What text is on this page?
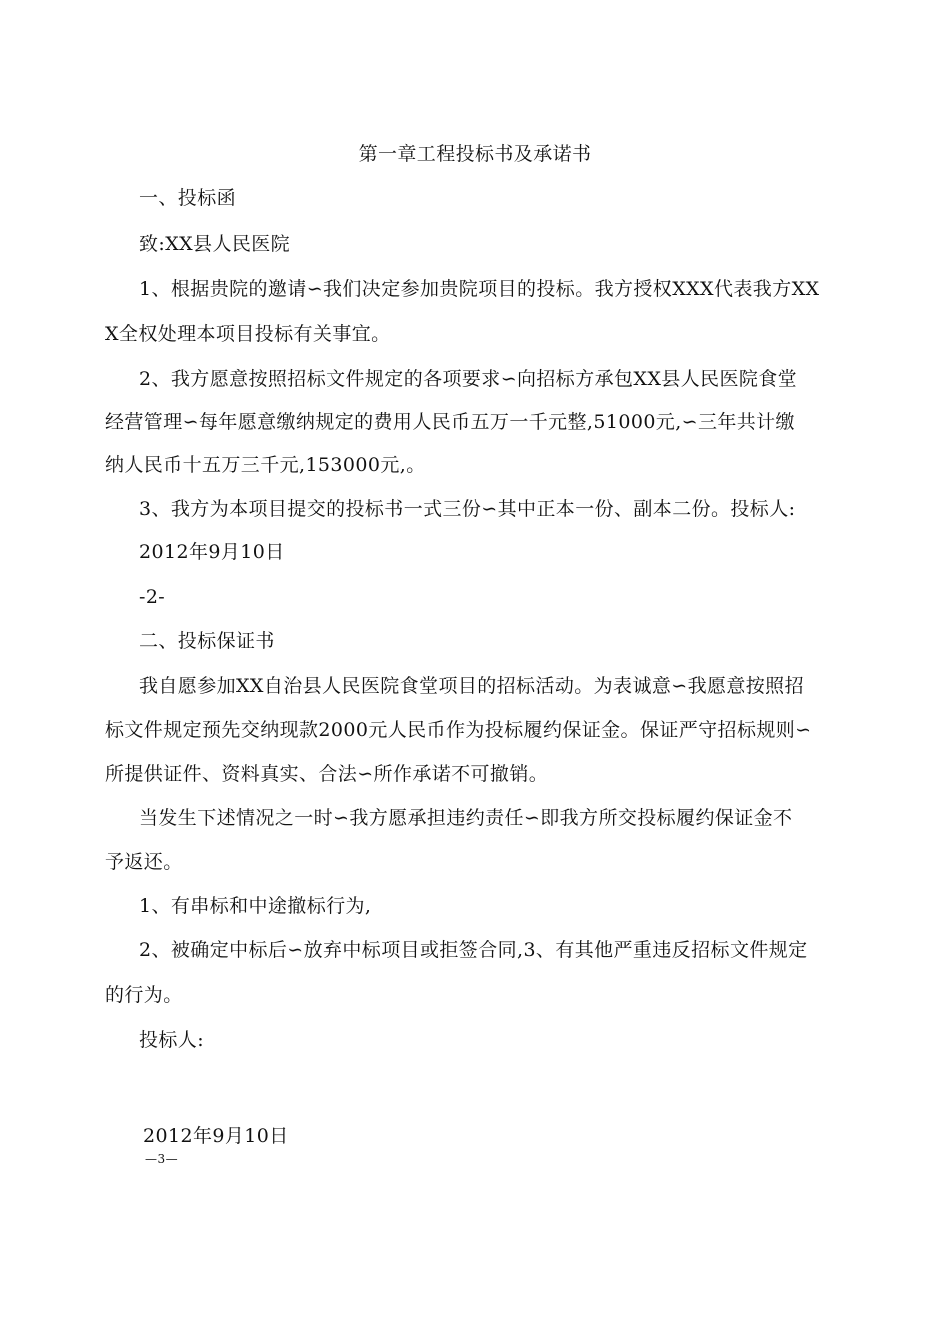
第一章工程投标书及承诺书
一、投标函
致:XX县人民医院
1、根据贵院的邀请∽我们决定参加贵院项目的投标。我方授权XXX代表我方XX
X全权处理本项目投标有关事宜。
2、我方愿意按照招标文件规定的各项要求∽向招标方承包XX县人民医院食堂
经营管理∽每年愿意缴纳规定的费用人民币五万一千元整,51000元,∽三年共计缴
纳人民币十五万三千元,153000元,。
3、我方为本项目提交的投标书一式三份∽其中正本一份、副本二份。投标人:
2012年9月10日
-2-
二、投标保证书
我自愿参加XX自治县人民医院食堂项目的招标活动。为表诚意∽我愿意按照招
标文件规定预先交纳现款2000元人民币作为投标履约保证金。保证严守招标规则∽
所提供证件、资料真实、合法∽所作承诺不可撤销。
当发生下述情况之一时∽我方愿承担违约责任∽即我方所交投标履约保证金不
予返还。
1、有串标和中途撤标行为,
2、被确定中标后∽放弃中标项目或拒签合同,3、有其他严重违反招标文件规定
的行为。
投标人:
2012年9月10日
—3—
